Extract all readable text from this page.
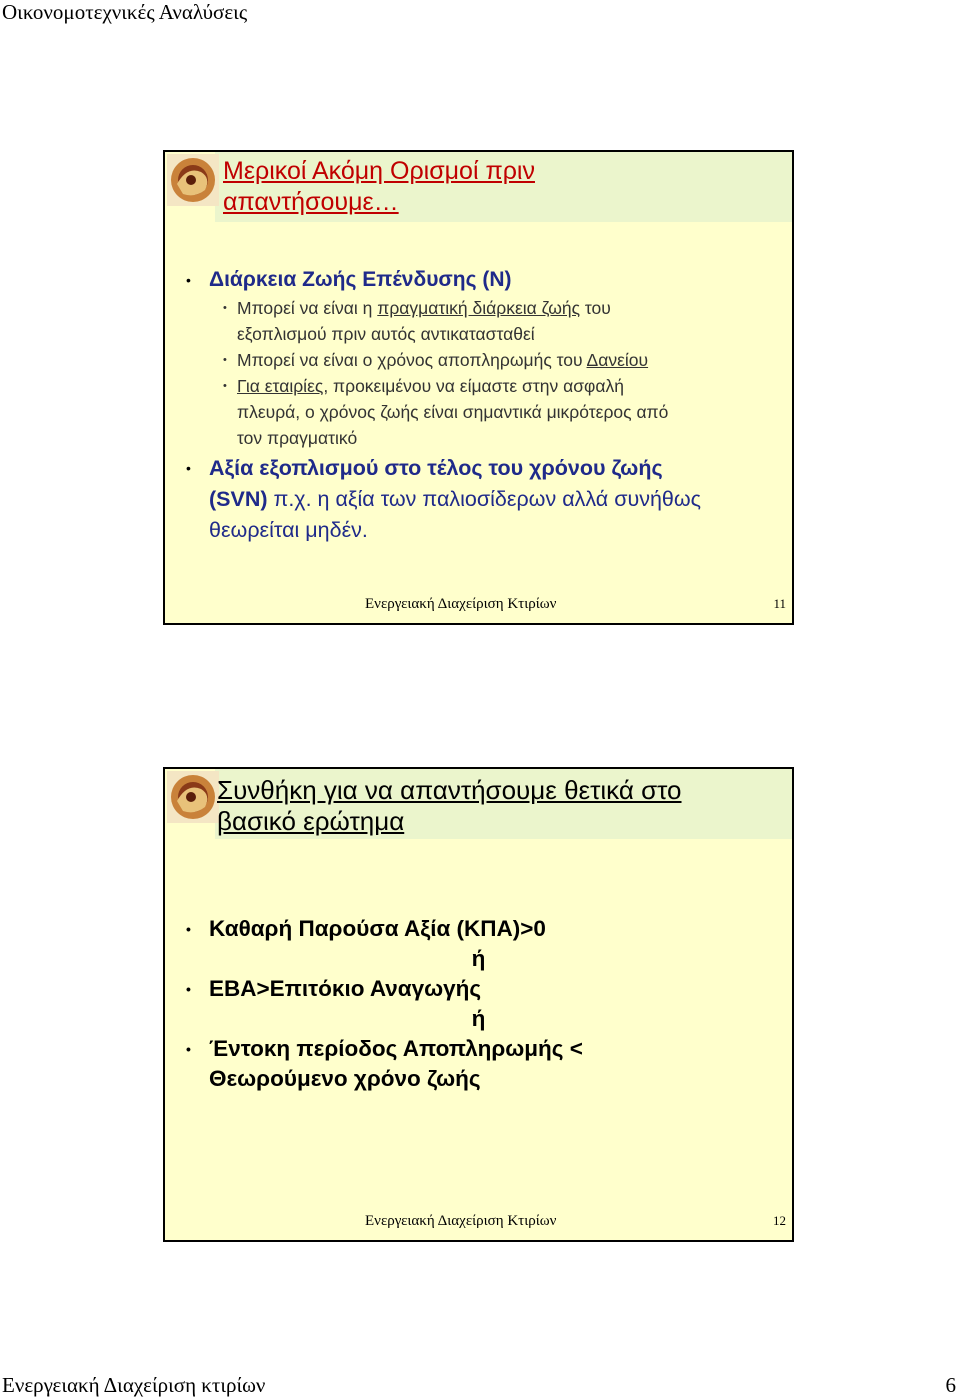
Οικονομοτεχνικές Αναλύσεις
Μερικοί Ακόμη Ορισμοί πριν
απαντήσουμε…
• Διάρκεια Ζωής Επένδυσης (Ν)
• Μπορεί να είναι η πραγματική διάρκεια ζωής του
εξοπλισμού πριν αυτός αντικατασταθεί
• Μπορεί να είναι ο χρόνος αποπληρωμής του Δανείου
• Για εταιρίες, προκειμένου να είμαστε στην ασφαλή
πλευρά, ο χρόνος ζωής είναι σημαντικά μικρότερος από
τον πραγματικό
• Αξία εξοπλισμού στο τέλος του χρόνου ζωής
(SVN) π.χ. η αξία των παλιοσίδερων αλλά συνήθως
θεωρείται μηδέν.
Ενεργειακή Διαχείριση Κτιρίων	11
Συνθήκη για να απαντήσουμε θετικά στο
βασικό ερώτημα
• Καθαρή Παρούσα Αξία (ΚΠΑ)>0
ή
• ΕΒΑ>Επιτόκιο Αναγωγής
ή
• Έντοκη περίοδος Αποπληρωμής <
Θεωρούμενο χρόνο ζωής
Ενεργειακή Διαχείριση Κτιρίων	12
Ενεργειακή Διαχείριση κτιρίων	6
